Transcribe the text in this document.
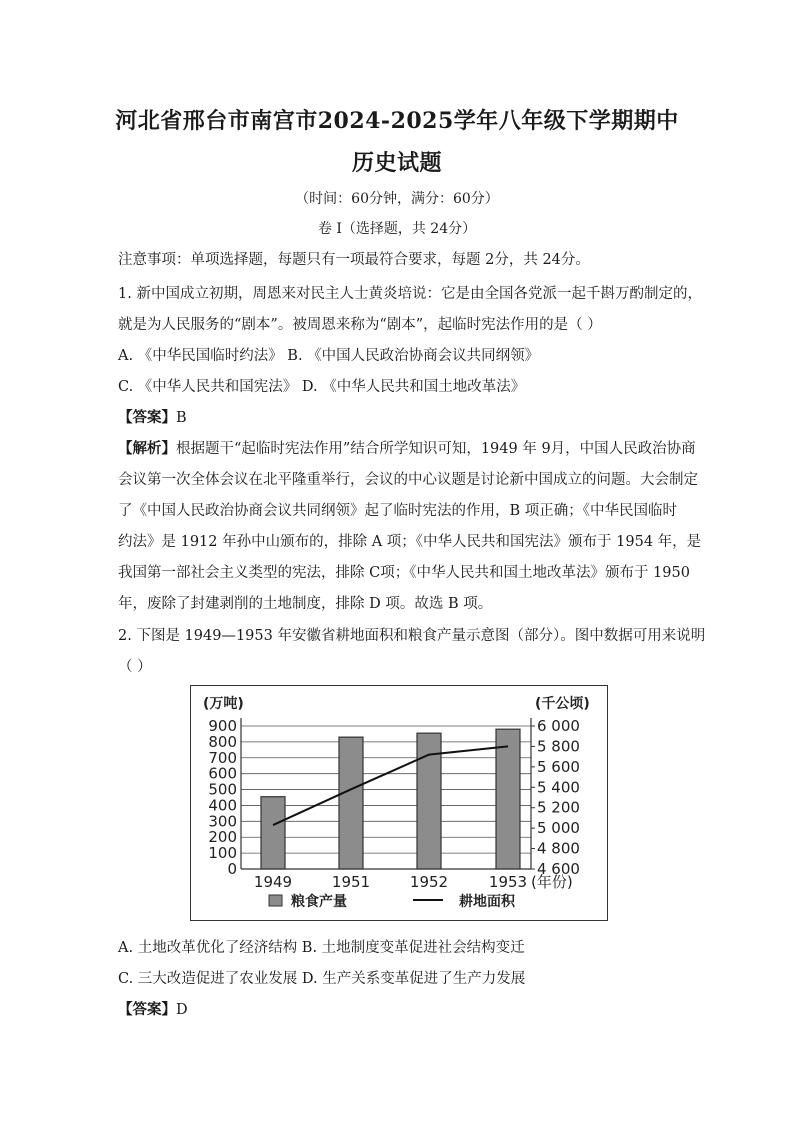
河北省邢台市南宫市2024-2025学年八年级下学期期中
历史试题
（时间：60分钟，满分：60分）
卷 I（选择题，共 24分）
注意事项：单项选择题，每题只有一项最符合要求，每题 2分，共 24分。
1. 新中国成立初期，周恩来对民主人士黄炎培说：它是由全国各党派一起千斟万酌制定的，
就是为人民服务的“剧本”。被周恩来称为“剧本”，起临时宪法作用的是（ ）
A. 《中华民国临时约法》 B. 《中国人民政治协商会议共同纲领》
C. 《中华人民共和国宪法》 D. 《中华人民共和国土地改革法》
【答案】B
【解析】根据题干“起临时宪法作用”结合所学知识可知，1949 年 9月，中国人民政治协商
会议第一次全体会议在北平隆重举行，会议的中心议题是讨论新中国成立的问题。大会制定
了《中国人民政治协商会议共同纲领》起了临时宪法的作用，B 项正确；《中华民国临时
约法》是 1912 年孙中山颁布的，排除 A 项；《中华人民共和国宪法》颁布于 1954 年，是
我国第一部社会主义类型的宪法，排除 C项；《中华人民共和国土地改革法》颁布于 1950
年，废除了封建剥削的土地制度，排除 D 项。故选 B 项。
2. 下图是 1949—1953 年安徽省耕地面积和粮食产量示意图（部分）。图中数据可用来说明
（ ）
900
800
700
600
500
400
300
200
100
0
6 000
5 800
5 600
5 400
5 200
5 000
4 800
4 600
(万吨)	(千公顷)
1949	1951	1952	1953 (年份)
粮食产量	耕地面积
A. 土地改革优化了经济结构 B. 土地制度变革促进社会结构变迁
C. 三大改造促进了农业发展 D. 生产关系变革促进了生产力发展
【答案】D
